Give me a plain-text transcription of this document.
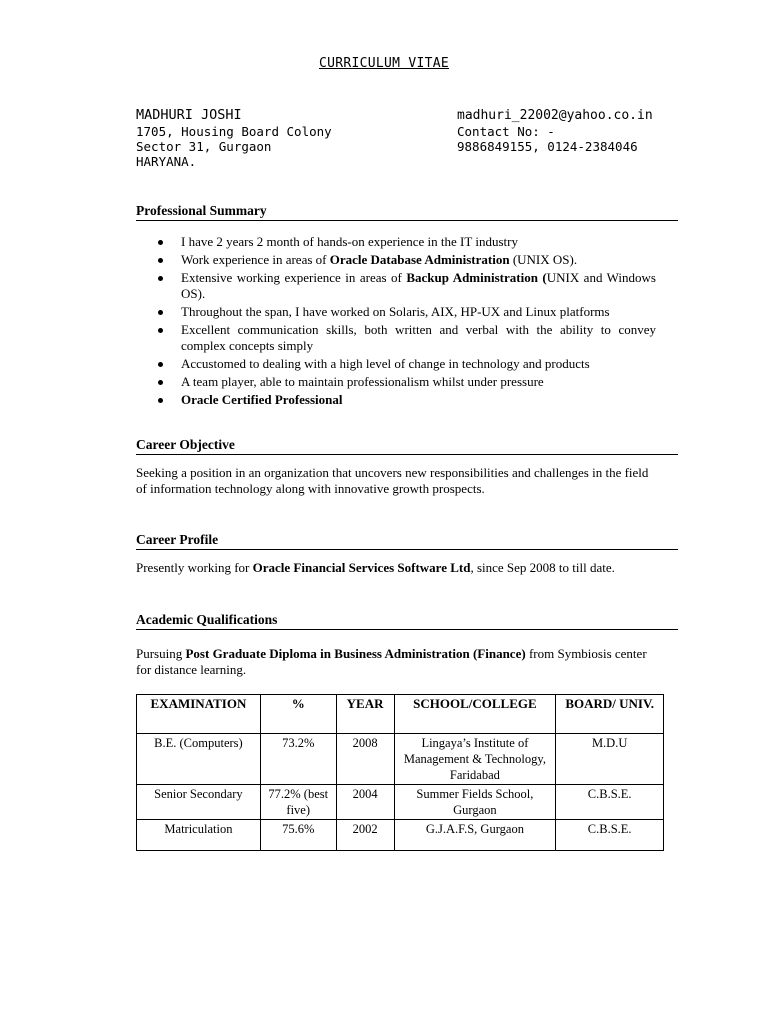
CURRICULUM VITAE
MADHURI JOSHI
1705, Housing Board Colony
Sector 31, Gurgaon
HARYANA.
madhuri_22002@yahoo.co.in
Contact No: -
9886849155, 0124-2384046
Professional Summary
I have 2 years 2 month of hands-on experience in the IT industry
Work experience in areas of Oracle Database Administration (UNIX OS).
Extensive working experience in areas of Backup Administration (UNIX and Windows OS).
Throughout the span, I have worked on Solaris, AIX, HP-UX and Linux platforms
Excellent communication skills, both written and verbal with the ability to convey complex concepts simply
Accustomed to dealing with a high level of change in technology and products
A team player, able to maintain professionalism whilst under pressure
Oracle Certified Professional
Career Objective
Seeking a position in an organization that uncovers new responsibilities and challenges in the field of information technology along with innovative growth prospects.
Career Profile
Presently working for Oracle Financial Services Software Ltd, since Sep 2008 to till date.
Academic Qualifications
Pursuing Post Graduate Diploma in Business Administration (Finance) from Symbiosis center for distance learning.
EXAMINATION	%	YEAR	SCHOOL/COLLEGE	BOARD/ UNIV.
B.E. (Computers)	73.2%	2008	Lingaya’s Institute of Management & Technology, Faridabad	M.D.U
Senior Secondary	77.2% (best five)	2004	Summer Fields School, Gurgaon	C.B.S.E.
Matriculation	75.6%	2002	G.J.A.F.S, Gurgaon	C.B.S.E.
